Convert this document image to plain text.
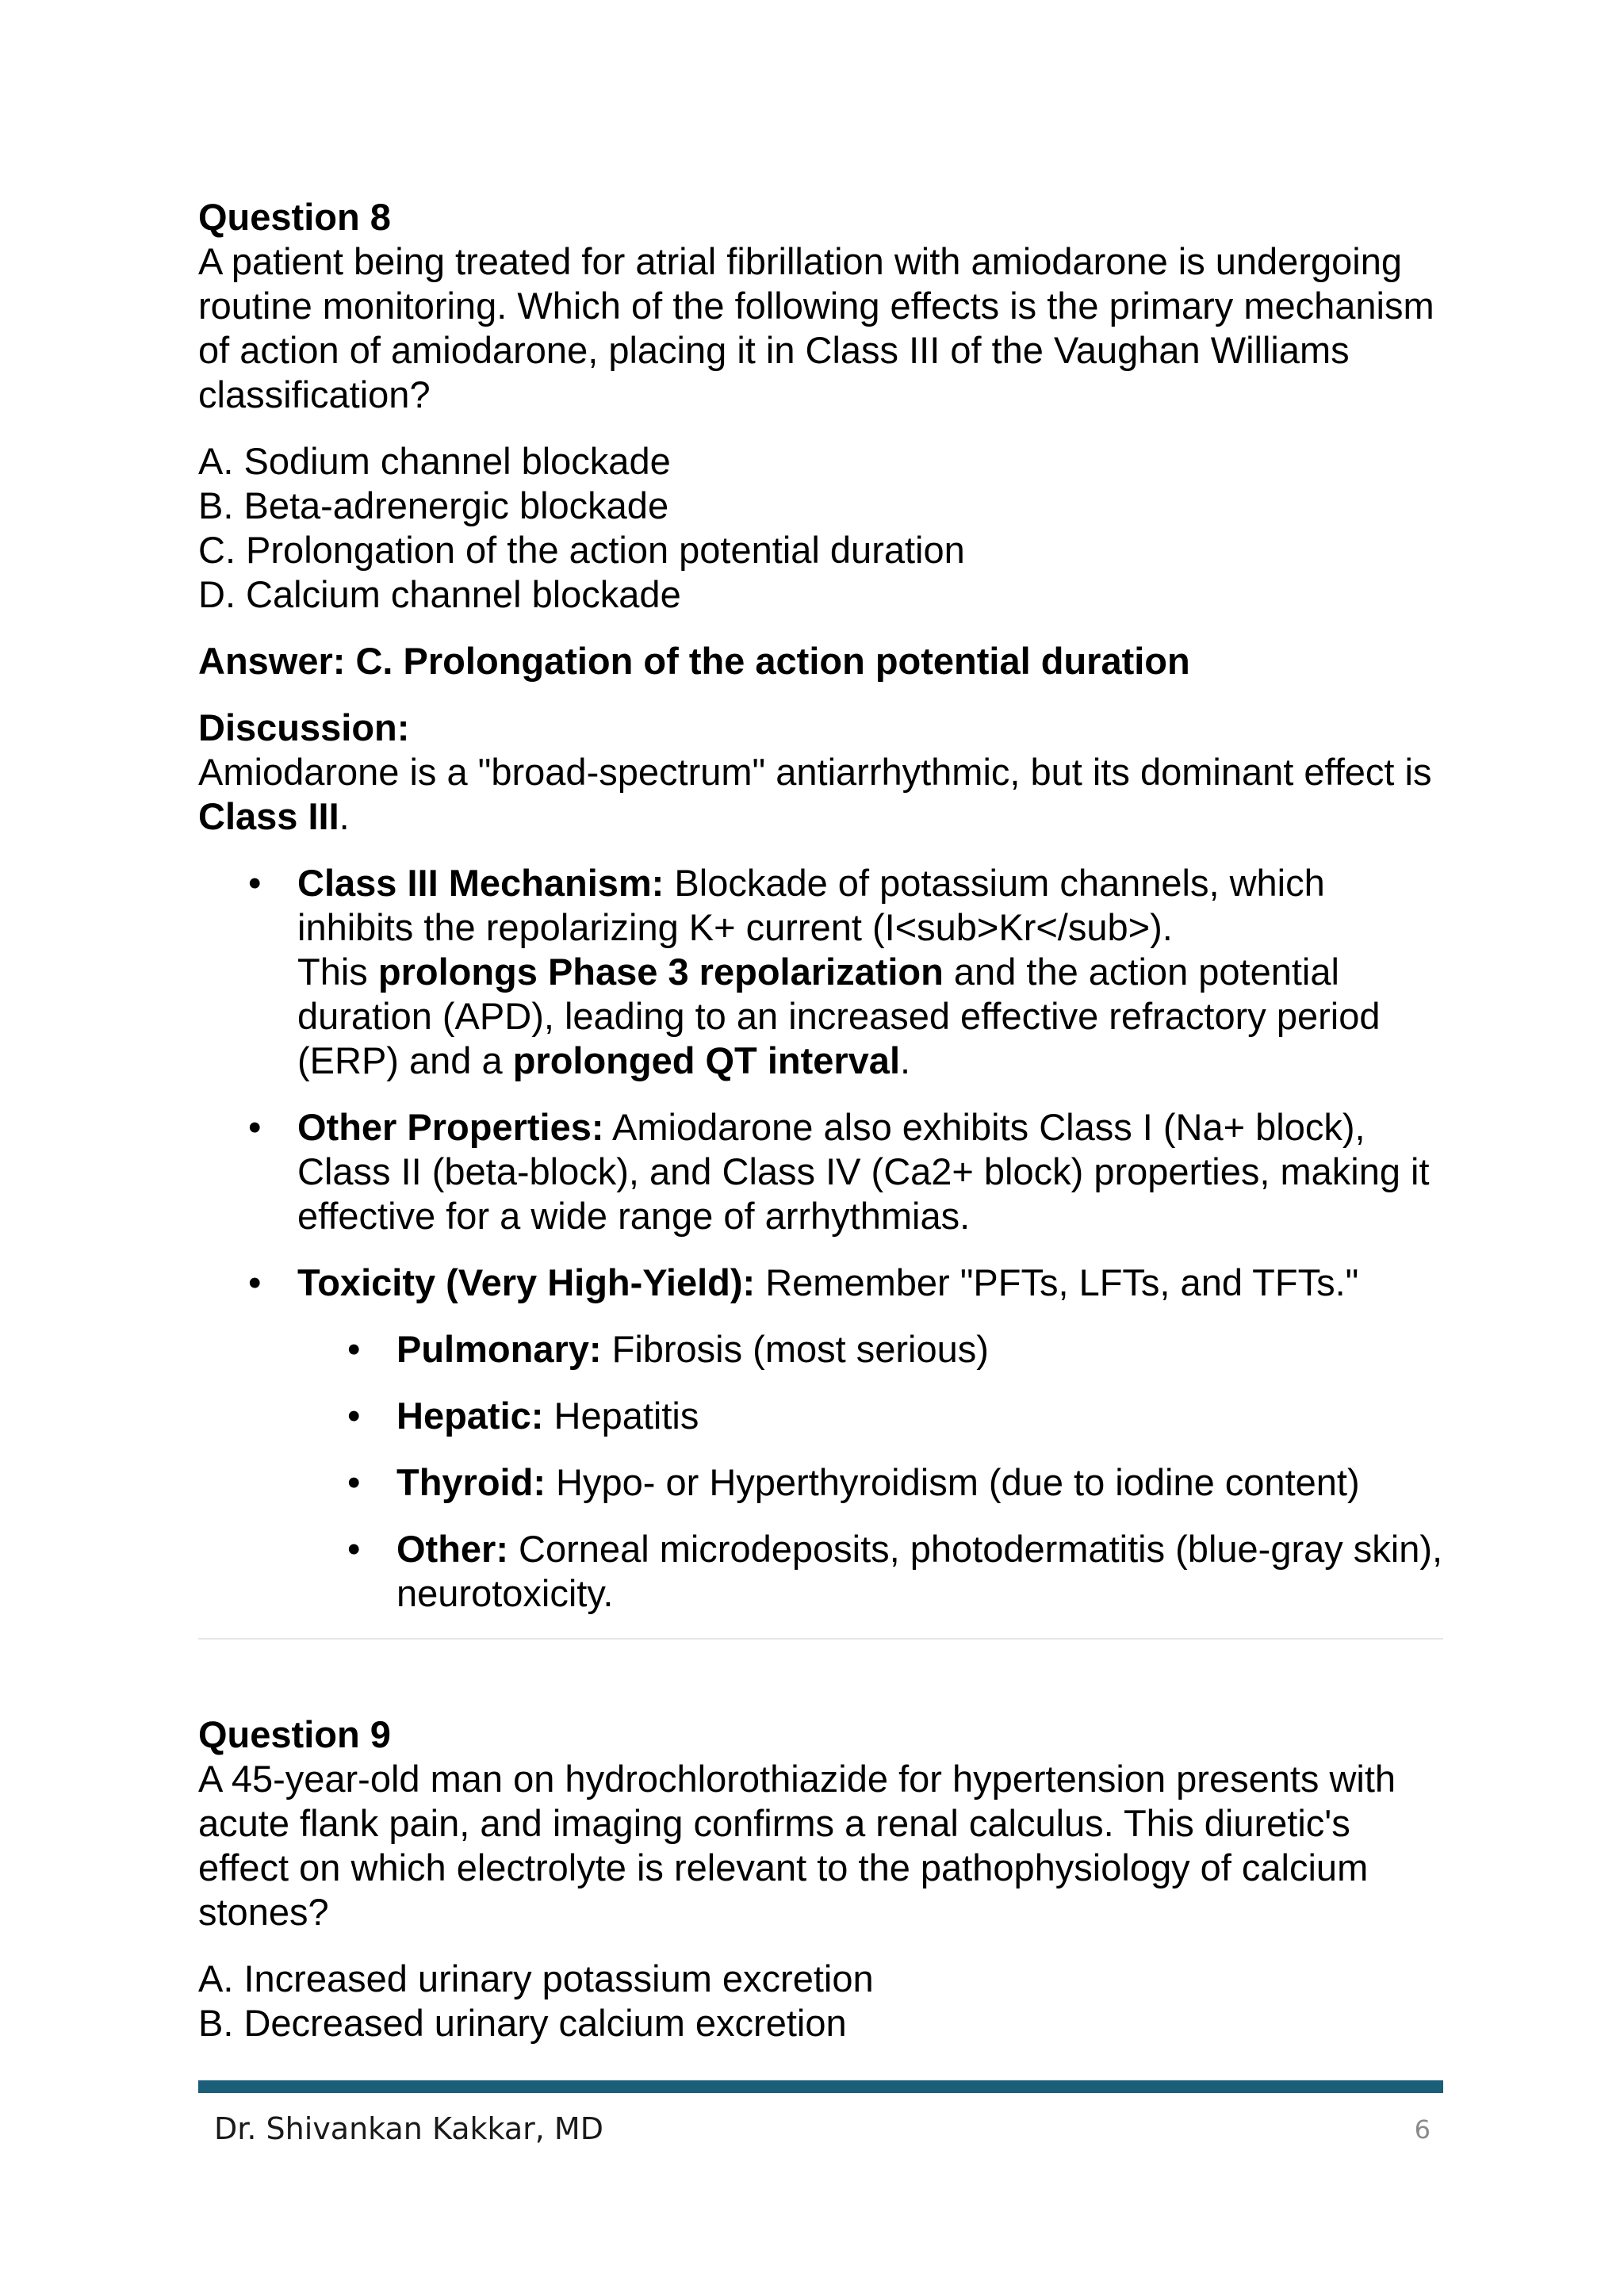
Question 8

A patient being treated for atrial fibrillation with amiodarone is undergoing routine monitoring. Which of the following effects is the primary mechanism of action of amiodarone, placing it in Class III of the Vaughan Williams classification?

A. Sodium channel blockade
B. Beta-adrenergic blockade
C. Prolongation of the action potential duration
D. Calcium channel blockade
Answer: C. Prolongation of the action potential duration
Discussion:

Amiodarone is a "broad-spectrum" antiarrhythmic, but its dominant effect is Class III.

• Class III Mechanism: Blockade of potassium channels, which inhibits the repolarizing K+ current (I<sub>Kr</sub>).
This prolongs Phase 3 repolarization and the action potential duration (APD), leading to an increased effective refractory period (ERP) and a prolonged QT interval.
• Other Properties: Amiodarone also exhibits Class I (Na+ block), Class II (beta-block), and Class IV (Ca2+ block) properties, making it effective for a wide range of arrhythmias.
• Toxicity (Very High-Yield): Remember "PFTs, LFTs, and TFTs."
• Pulmonary: Fibrosis (most serious)
• Hepatic: Hepatitis
• Thyroid: Hypo- or Hyperthyroidism (due to iodine content)
• Other: Corneal microdeposits, photodermatitis (blue-gray skin), neurotoxicity.
Question 9

A 45-year-old man on hydrochlorothiazide for hypertension presents with acute flank pain, and imaging confirms a renal calculus. This diuretic's effect on which electrolyte is relevant to the pathophysiology of calcium stones?

A. Increased urinary potassium excretion
B. Decreased urinary calcium excretion
Dr. Shivankan Kakkar, MD	6
